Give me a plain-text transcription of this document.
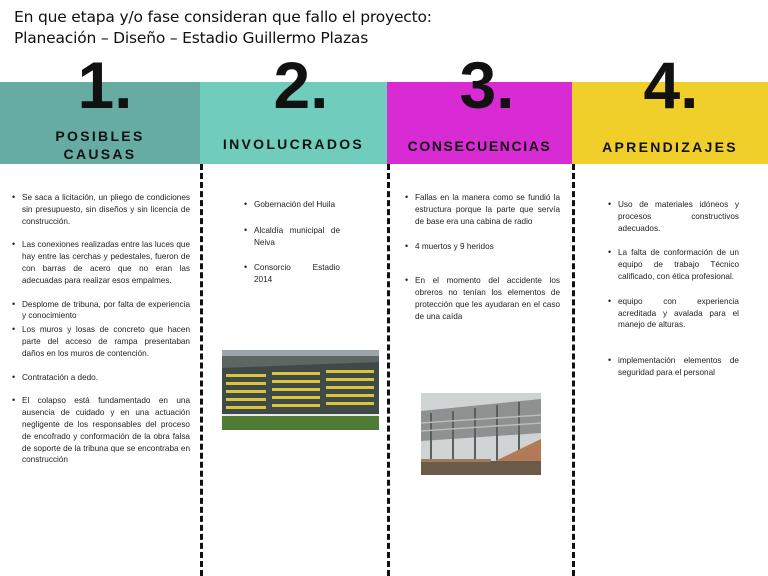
En que etapa y/o fase consideran que fallo el proyecto:
Planeación – Diseño – Estadio Guillermo Plazas
POSIBLES
CAUSAS
INVOLUCRADOS	CONSECUENCIAS	APRENDIZAJES
1.	2.	3.	4.
• Se saca a licitación, un pliego de condiciones sin presupuesto, sin diseños y sin licencia de construcción.
• Las conexiones realizadas entre las luces que hay entre las cerchas y pedestales, fueron de con barras de acero que no eran las adecuadas para realizar esos empalmes.
• Desplome de tribuna, por falta de experiencia y conocimiento
• Los muros y losas de concreto que hacen parte del acceso de rampa presentaban daños en los muros de contención.
• Contratación a dedo.
• El colapso está fundamentado en una ausencia de cuidado y en una actuación negligente de los responsables del proceso de encofrado y conformación de la obra falsa de soporte de la tribuna que se encontraba en construcción
• Gobernación del Huila
• Alcaldía municipal de Neiva
• Consorcio Estadio 2014
• Fallas en la manera como se fundió la estructura porque la parte que servía de base era una cabina de radio
• 4 muertos y 9 heridos
• En el momento del accidente los obreros no tenían los elementos de protección que les ayudaran en el caso de una caída
• Uso de materiales idóneos y procesos constructivos adecuados.
• La falta de conformación de un equipo de trabajo Técnico calificado, con ética profesional.
• equipo con experiencia acreditada y avalada para el manejo de alturas.
• implementación elementos de seguridad para el personal
